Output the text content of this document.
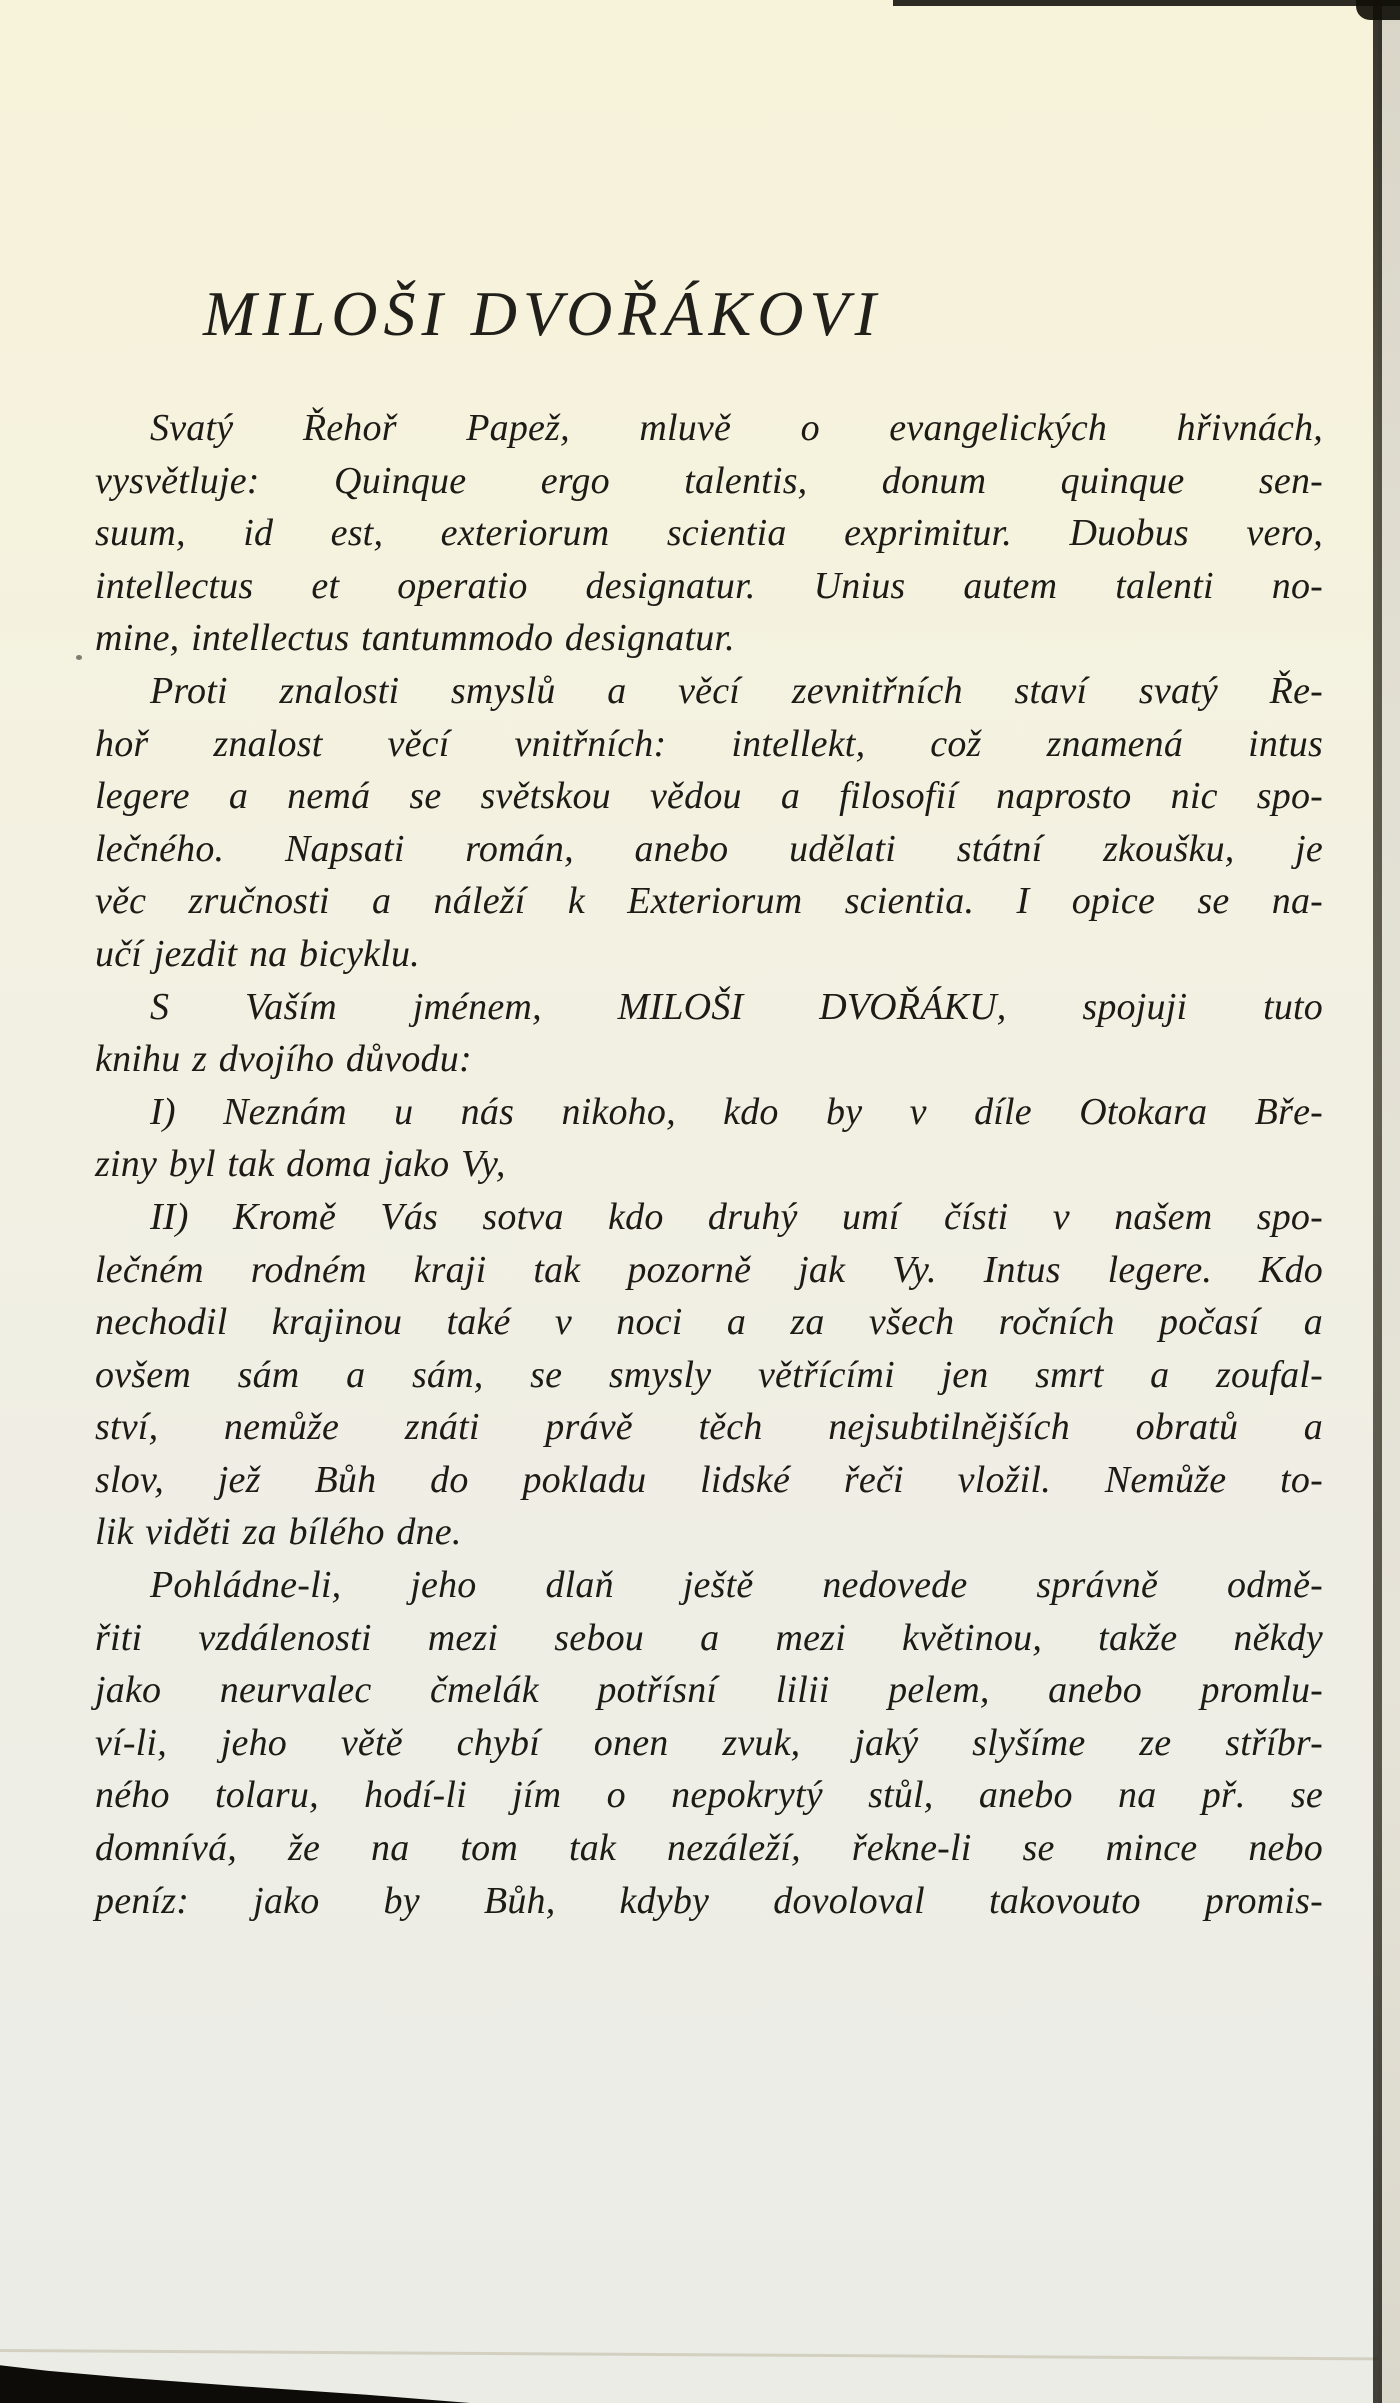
MILOŠI DVOŘÁKOVI
Svatý Řehoř Papež, mluvě o evangelických hřivnách,
vysvětluje: Quinque ergo talentis, donum quinque sen-
suum, id est, exteriorum scientia exprimitur. Duobus vero,
intellectus et operatio designatur. Unius autem talenti no-
mine, intellectus tantummodo designatur.
Proti znalosti smyslů a věcí zevnitřních staví svatý Ře-
hoř znalost věcí vnitřních: intellekt, což znamená intus
legere a nemá se světskou vědou a filosofií naprosto nic spo-
lečného. Napsati román, anebo udělati státní zkoušku, je
věc zručnosti a náleží k Exteriorum scientia. I opice se na-
učí jezdit na bicyklu.
S Vaším jménem, MILOŠI DVOŘÁKU, spojuji tuto
knihu z dvojího důvodu:
I) Neznám u nás nikoho, kdo by v díle Otokara Bře-
ziny byl tak doma jako Vy,
II) Kromě Vás sotva kdo druhý umí čísti v našem spo-
lečném rodném kraji tak pozorně jak Vy. Intus legere. Kdo
nechodil krajinou také v noci a za všech ročních počasí a
ovšem sám a sám, se smysly větřícími jen smrt a zoufal-
ství, nemůže znáti právě těch nejsubtilnějších obratů a
slov, jež Bůh do pokladu lidské řeči vložil. Nemůže to-
lik viděti za bílého dne.
Pohládne-li, jeho dlaň ještě nedovede správně odmě-
řiti vzdálenosti mezi sebou a mezi květinou, takže někdy
jako neurvalec čmelák potřísní lilii pelem, anebo promlu-
ví-li, jeho větě chybí onen zvuk, jaký slyšíme ze stříbr-
ného tolaru, hodí-li jím o nepokrytý stůl, anebo na př. se
domnívá, že na tom tak nezáleží, řekne-li se mince nebo
peníz: jako by Bůh, kdyby dovoloval takovouto promis-
